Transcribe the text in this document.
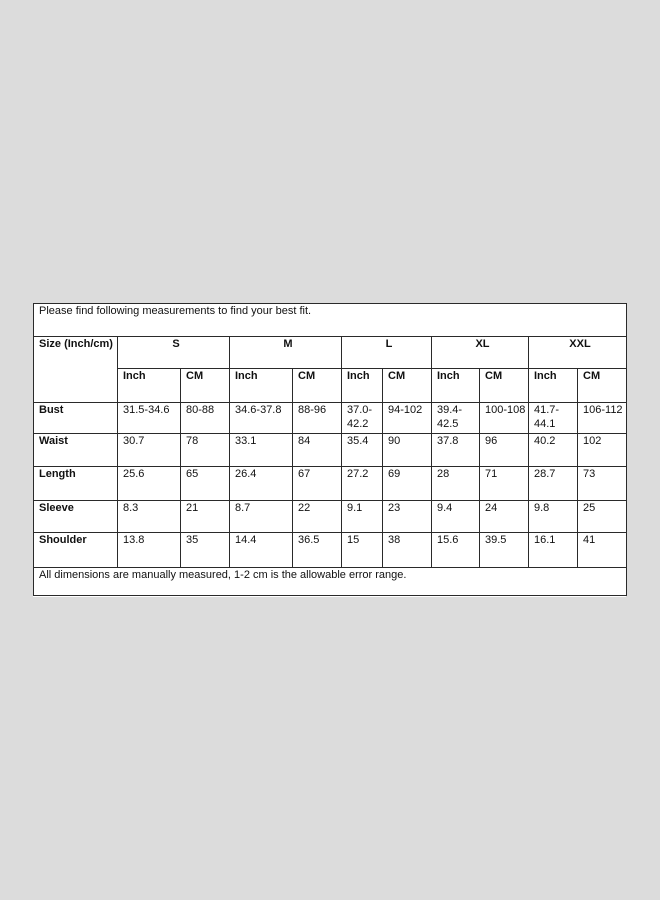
Please find following measurements to find your best fit.										
Size (Inch/cm)	S		M		L		XL		XXL	
	Inch	CM	Inch	CM	Inch	CM	Inch	CM	Inch	CM
Bust	31.5-34.6	80-88	34.6-37.8	88-96	37.0-42.2	94-102	39.4-42.5	100-108	41.7-44.1	106-112
Waist	30.7	78	33.1	84	35.4	90	37.8	96	40.2	102
Length	25.6	65	26.4	67	27.2	69	28	71	28.7	73
Sleeve	8.3	21	8.7	22	9.1	23	9.4	24	9.8	25
Shoulder	13.8	35	14.4	36.5	15	38	15.6	39.5	16.1	41
All dimensions are manually measured, 1-2 cm is the allowable error range.										
